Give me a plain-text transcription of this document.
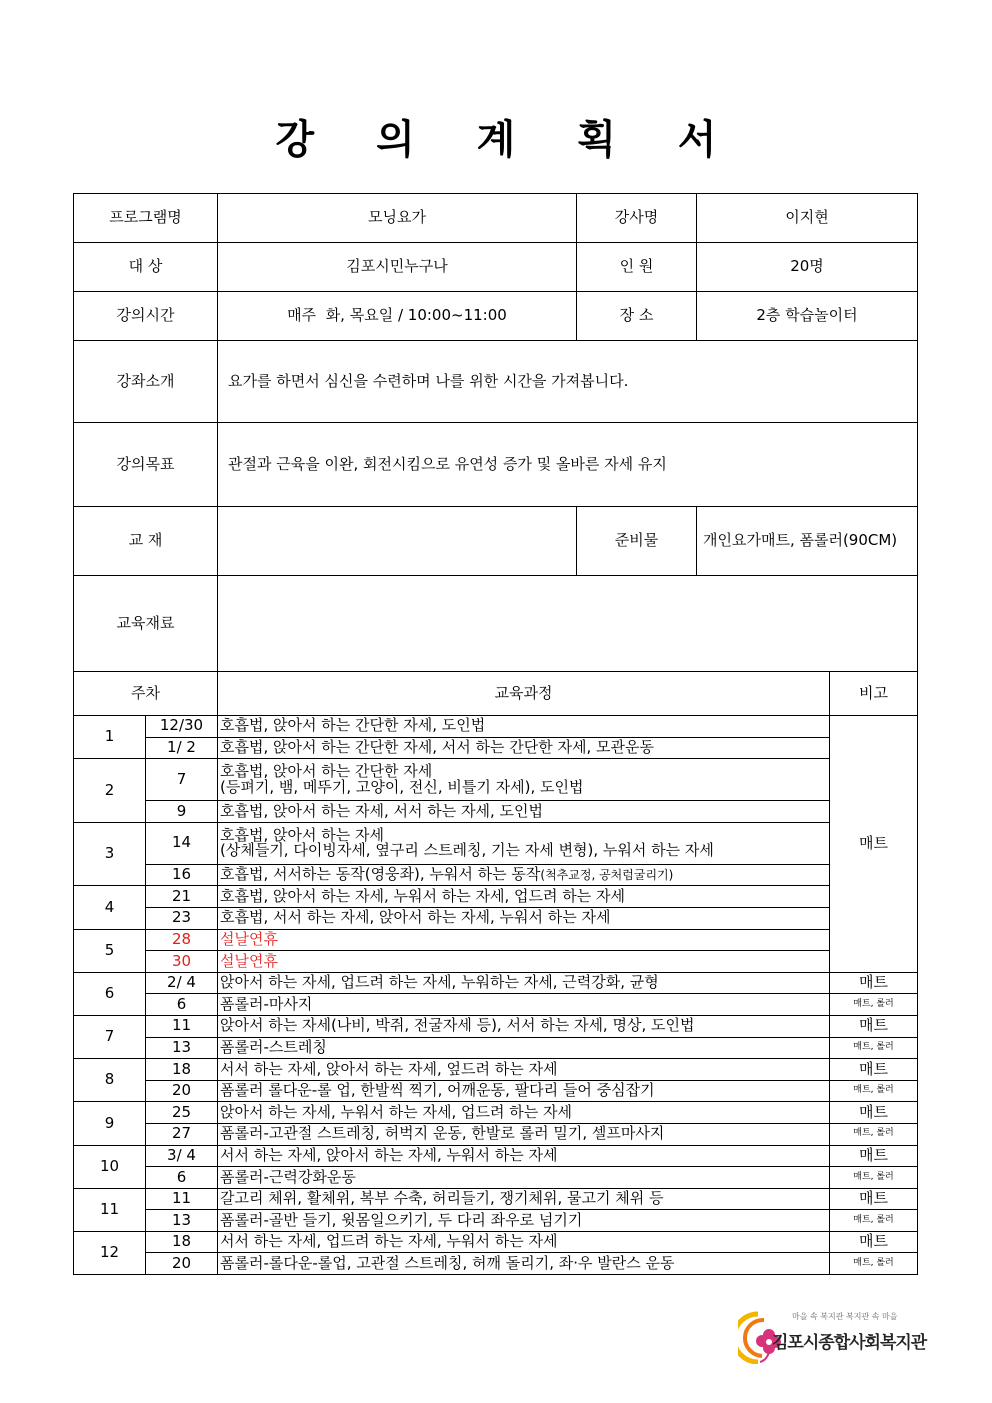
강 의 계 획 서
프로그램명	모닝요가	강사명	이지현
대 상	김포시민누구나	인 원	20명
강의시간	매주  화, 목요일 / 10:00~11:00	장 소	2층 학습놀이터
강좌소개	요가를 하면서 심신을 수련하며 나를 위한 시간을 가져봅니다.		
강의목표	관절과 근육을 이완, 회전시킴으로 유연성 증가 및 올바른 자세 유지		
교 재		준비물	개인요가매트, 폼롤러(90CM)
교육재료			
주차		교육과정	비고
1	12/30	호흡법, 앉아서 하는 간단한 자세, 도인법	매트
	1/ 2	호흡법, 앉아서 하는 간단한 자세, 서서 하는 간단한 자세, 모관운동	
2	7	호흡법, 앉아서 하는 간단한 자세
(등펴기, 뱀, 메뚜기, 고양이, 전신, 비틀기 자세), 도인법	
	9	호흡법, 앉아서 하는 자세, 서서 하는 자세, 도인법	
3	14	호흡법, 앉아서 하는 자세
(상체들기, 다이빙자세, 옆구리 스트레칭, 기는 자세 변형), 누워서 하는 자세	
	16	호흡법, 서서하는 동작(영웅좌), 누워서 하는 동작(척추교정, 공처럼굴리기)	
4	21	호흡법, 앉아서 하는 자세, 누워서 하는 자세, 업드려 하는 자세	
	23	호흡법, 서서 하는 자세, 앉아서 하는 자세, 누워서 하는 자세	
5	28	설날연휴	
	30	설날연휴	
6	2/ 4	앉아서 하는 자세, 업드려 하는 자세, 누워하는 자세, 근력강화, 균형	매트
	6	폼롤러-마사지	매트, 롤러
7	11	앉아서 하는 자세(나비, 박쥐, 전굴자세 등), 서서 하는 자세, 명상, 도인법	매트
	13	폼롤러-스트레칭	매트, 롤러
8	18	서서 하는 자세, 앉아서 하는 자세, 엎드려 하는 자세	매트
	20	폼롤러 롤다운-롤 업, 한발씩 찍기, 어깨운동, 팔다리 들어 중심잡기	매트, 롤러
9	25	앉아서 하는 자세, 누워서 하는 자세, 업드려 하는 자세	매트
	27	폼롤러-고관절 스트레칭, 허벅지 운동, 한발로 롤러 밀기, 셀프마사지	매트, 롤러
10	3/ 4	서서 하는 자세, 앉아서 하는 자세, 누워서 하는 자세	매트
	6	폼롤러-근력강화운동	매트, 롤러
11	11	갈고리 체위, 활체위, 복부 수축, 허리들기, 쟁기체위, 물고기 체위 등	매트
	13	폼롤러-골반 들기, 윗몸일으키기, 두 다리 좌우로 넘기기	매트, 롤러
12	18	서서 하는 자세, 업드려 하는 자세, 누워서 하는 자세	매트
	20	폼롤러-롤다운-롤업, 고관절 스트레칭, 허깨 돌리기, 좌·우 발란스 운동	매트, 롤러
마을 속 복지관 복지관 속 마을
김포시종합사회복지관
